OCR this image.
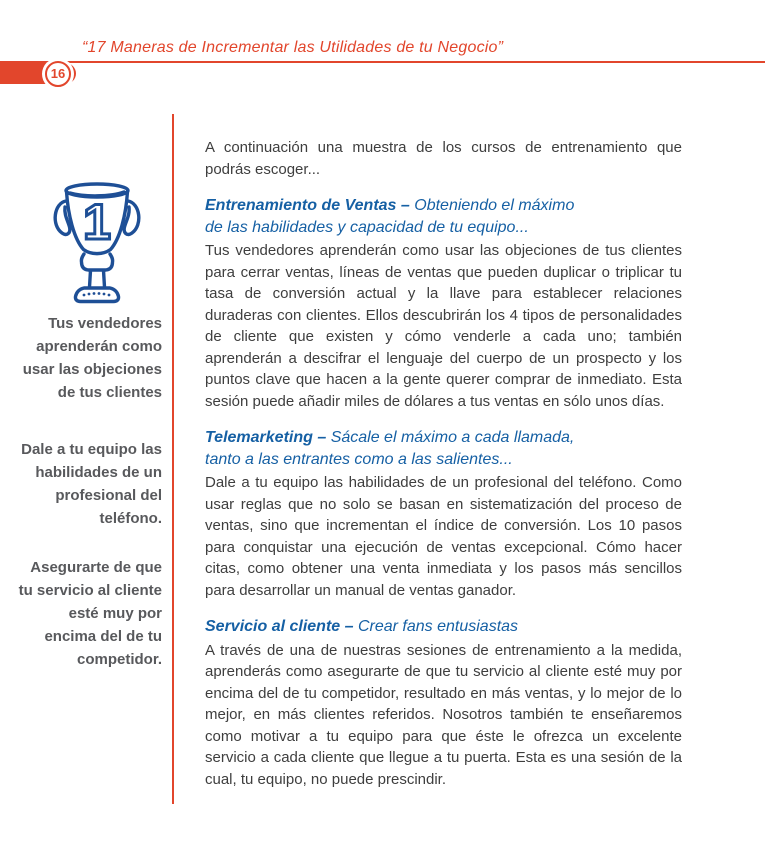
“17 Maneras de Incrementar las Utilidades de tu Negocio”
16
1
Tus vendedores aprenderán como usar las objeciones de tus clientes
Dale a tu equipo las habilidades de un profesional del teléfono.
Asegurarte de que tu servicio al cliente esté muy por encima del de tu competidor.

A continuación una muestra de los cursos de entrenamiento que podrás escoger...

Entrenamiento de Ventas – Obteniendo el máximo
de las habilidades y capacidad de tu equipo...

Tus vendedores aprenderán como usar las objeciones de tus clientes para cerrar ventas, líneas de ventas que pueden duplicar o triplicar tu tasa de conversión actual y la llave para establecer relaciones duraderas con clientes. Ellos descubrirán los 4 tipos de personalidades de cliente que existen y cómo venderle a cada uno; también aprenderán a descifrar el lenguaje del cuerpo de un prospecto y los puntos clave que hacen a la gente querer comprar de inmediato. Esta sesión puede añadir miles de dólares a tus ventas en sólo unos días.

Telemarketing – Sácale el máximo a cada llamada,
tanto a las entrantes como a las salientes...

Dale a tu equipo las habilidades de un profesional del teléfono. Como usar reglas que no solo se basan en sistematización del proceso de ventas, sino que incrementan el índice de conversión. Los 10 pasos para conquistar una ejecución de ventas excepcional. Cómo hacer citas, como obtener una venta inmediata y los pasos más sencillos para desarrollar un manual de ventas ganador.

Servicio al cliente – Crear fans entusiastas

A través de una de nuestras sesiones de entrenamiento a la medida, aprenderás como asegurarte de que tu servicio al cliente esté muy por encima del de tu competidor, resultado en más ventas, y lo mejor de lo mejor, en más clientes referidos. Nosotros también te enseñaremos como motivar a tu equipo para que éste le ofrezca un excelente servicio a cada cliente que llegue a tu puerta. Esta es una sesión de la cual, tu equipo, no puede prescindir.
